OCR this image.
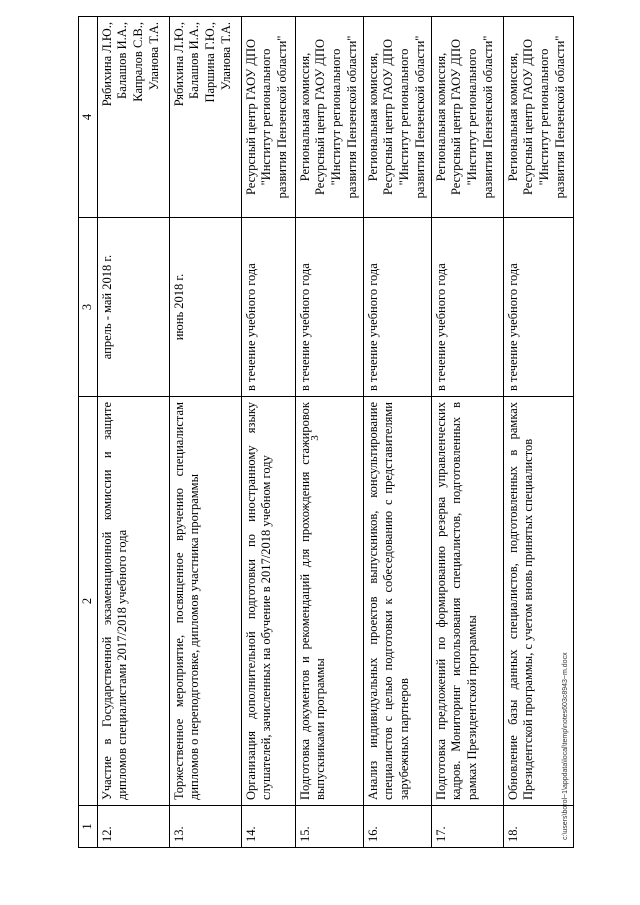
3
1	2	3	4
12.	Участие в Государственной экзаменационной комиссии и защите дипломов специалистами 2017/2018 учебного года	апрель - май 2018 г.	Рябихина Л.Ю., Балашов И.А., Капралов С.В., Уланова Т.А.

13.	Торжественное мероприятие, посвященное вручению специалистам дипломов о переподготовке, дипломов участника программы	июнь 2018 г.	Рябихина Л.Ю., Балашов И.А., Паршина Г.Ю., Уланова Т.А.

14.	Организация дополнительной подготовки по иностранному языку слушателей, зачисленных на обучение в 2017/2018 учебном году	в течение учебного года	Ресурсный центр ГАОУ ДПО "Институт регионального развития Пензенской области"

15.	Подготовка документов и рекомендаций для прохождения стажировок выпускниками программы	в течение учебного года	Региональная комиссия, Ресурсный центр ГАОУ ДПО "Институт регионального развития Пензенской области"

16.	Анализ индивидуальных проектов выпускников, консультирование специалистов с целью подготовки к собеседованию с представителями зарубежных партнеров	в течение учебного года	Региональная комиссия, Ресурсный центр ГАОУ ДПО "Институт регионального развития Пензенской области"

17.	Подготовка предложений по формированию резерва управленческих кадров. Мониторинг использования специалистов, подготовленных в рамках Президентской программы	в течение учебного года	Региональная комиссия, Ресурсный центр ГАОУ ДПО "Институт регионального развития Пензенской области"

18.	Обновление базы данных специалистов, подготовленных в рамках Президентской программы, с учетом вновь принятых специалистов	в течение учебного года	Региональная комиссия, Ресурсный центр ГАОУ ДПО "Институт регионального развития Пензенской области"
c:\users\borol~1\appdata\local\temp\notes603c8943~m.docx
